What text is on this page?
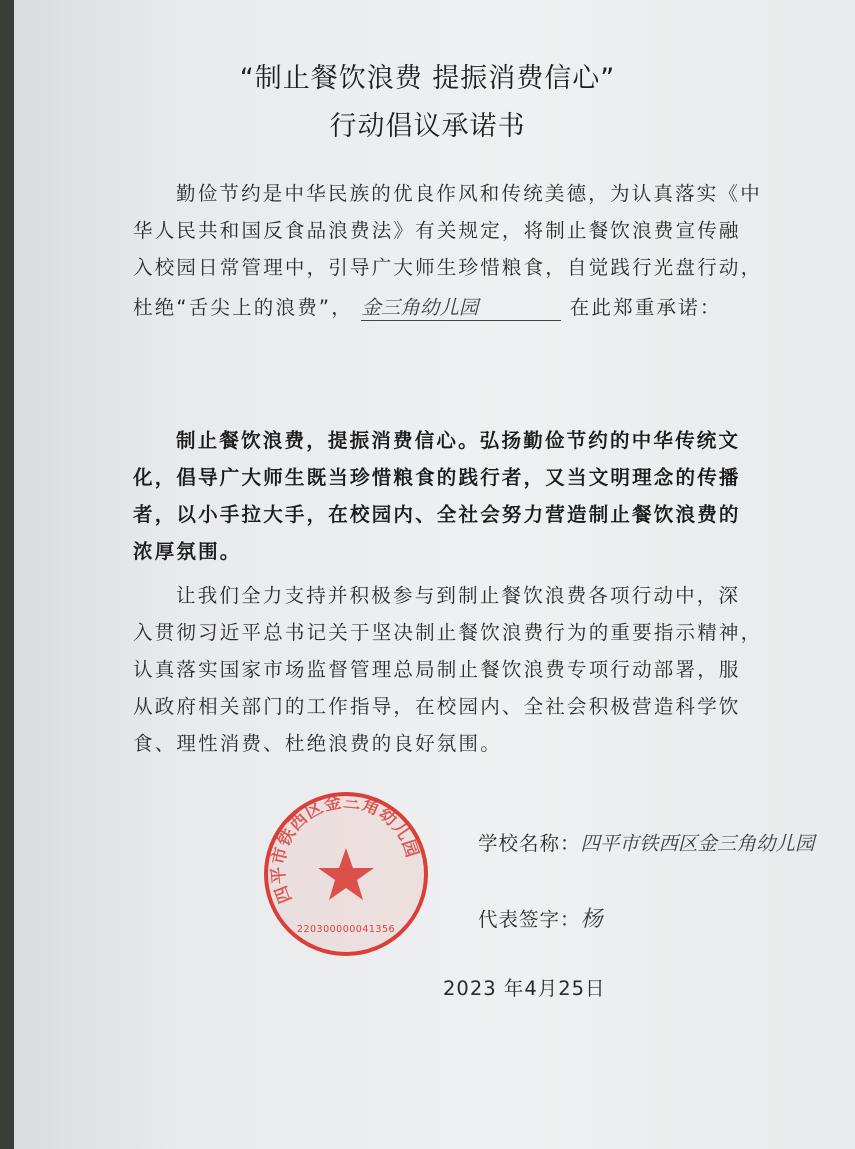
“制止餐饮浪费 提振消费信心”
行动倡议承诺书
勤俭节约是中华民族的优良作风和传统美德，为认真落实《中
华人民共和国反食品浪费法》有关规定，将制止餐饮浪费宣传融
入校园日常管理中，引导广大师生珍惜粮食，自觉践行光盘行动，
杜绝“舌尖上的浪费”， 金三角幼儿园	在此郑重承诺：
制止餐饮浪费，提振消费信心。弘扬勤俭节约的中华传统文
化，倡导广大师生既当珍惜粮食的践行者，又当文明理念的传播
者，以小手拉大手，在校园内、全社会努力营造制止餐饮浪费的
浓厚氛围。
让我们全力支持并积极参与到制止餐饮浪费各项行动中，深
入贯彻习近平总书记关于坚决制止餐饮浪费行为的重要指示精神，
认真落实国家市场监督管理总局制止餐饮浪费专项行动部署，服
从政府相关部门的工作指导，在校园内、全社会积极营造科学饮
食、理性消费、杜绝浪费的良好氛围。
四平市铁西区金三角幼儿园
220300000041356
学校名称：四平市铁西区金三角幼儿园
代表签字：杨
2023 年4月25日
